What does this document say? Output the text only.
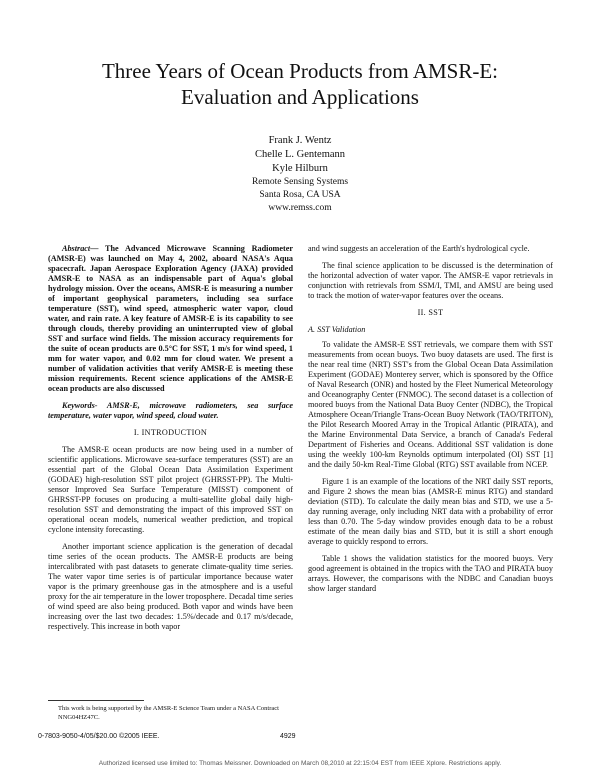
Three Years of Ocean Products from AMSR-E:
Evaluation and Applications
Frank J. Wentz
Chelle L. Gentemann
Kyle Hilburn
Remote Sensing Systems
Santa Rosa, CA USA
www.remss.com

Abstract— The Advanced Microwave Scanning Radiometer (AMSR-E) was launched on May 4, 2002, aboard NASA's Aqua spacecraft. Japan Aerospace Exploration Agency (JAXA) provided AMSR-E to NASA as an indispensable part of Aqua's global hydrology mission. Over the oceans, AMSR-E is measuring a number of important geophysical parameters, including sea surface temperature (SST), wind speed, atmospheric water vapor, cloud water, and rain rate. A key feature of AMSR-E is its capability to see through clouds, thereby providing an uninterrupted view of global SST and surface wind fields. The mission accuracy requirements for the suite of ocean products are 0.5°C for SST, 1 m/s for wind speed, 1 mm for water vapor, and 0.02 mm for cloud water. We present a number of validation activities that verify AMSR-E is meeting these mission requirements. Recent science applications of the AMSR-E ocean products are also discussed

Keywords- AMSR-E, microwave radiometers, sea surface temperature, water vapor, wind speed, cloud water.

I. INTRODUCTION

The AMSR-E ocean products are now being used in a number of scientific applications. Microwave sea-surface temperatures (SST) are an essential part of the Global Ocean Data Assimilation Experiment (GODAE) high-resolution SST pilot project (GHRSST-PP). The Multi-sensor Improved Sea Surface Temperature (MISST) component of GHRSST-PP focuses on producing a multi-satellite global daily high-resolution SST and demonstrating the impact of this improved SST on operational ocean models, numerical weather prediction, and tropical cyclone intensity forecasting.

Another important science application is the generation of decadal time series of the ocean products. The AMSR-E products are being intercalibrated with past datasets to generate climate-quality time series. The water vapor time series is of particular importance because water vapor is the primary greenhouse gas in the atmosphere and is a useful proxy for the air temperature in the lower troposphere. Decadal time series of wind speed are also being produced. Both vapor and winds have been increasing over the last two decades: 1.5%/decade and 0.17 m/s/decade, respectively. This increase in both vapor

and wind suggests an acceleration of the Earth's hydrological cycle.

The final science application to be discussed is the determination of the horizontal advection of water vapor. The AMSR-E vapor retrievals in conjunction with retrievals from SSM/I, TMI, and AMSU are being used to track the motion of water-vapor features over the oceans.

II. SST
A. SST Validation

To validate the AMSR-E SST retrievals, we compare them with SST measurements from ocean buoys. Two buoy datasets are used. The first is the near real time (NRT) SST's from the Global Ocean Data Assimilation Experiment (GODAE) Monterey server, which is sponsored by the Office of Naval Research (ONR) and hosted by the Fleet Numerical Meteorology and Oceanography Center (FNMOC). The second dataset is a collection of moored buoys from the National Data Buoy Center (NDBC), the Tropical Atmosphere Ocean/Triangle Trans-Ocean Buoy Network (TAO/TRITON), the Pilot Research Moored Array in the Tropical Atlantic (PIRATA), and the Marine Environmental Data Service, a branch of Canada's Federal Department of Fisheries and Oceans. Additional SST validation is done using the weekly 100-km Reynolds optimum interpolated (OI) SST [1] and the daily 50-km Real-Time Global (RTG) SST available from NCEP.

Figure 1 is an example of the locations of the NRT daily SST reports, and Figure 2 shows the mean bias (AMSR-E minus RTG) and standard deviation (STD). To calculate the daily mean bias and STD, we use a 5-day running average, only including NRT data with a probability of error less than 0.70. The 5-day window provides enough data to be a robust estimate of the mean daily bias and STD, but it is still a short enough average to quickly respond to errors.

Table 1 shows the validation statistics for the moored buoys. Very good agreement is obtained in the tropics with the TAO and PIRATA buoy arrays. However, the comparisons with the NDBC and Canadian buoys show larger standard

This work is being supported by the AMSR-E Science Team under a NASA Contract NNG04HZ47C.
0-7803-9050-4/05/$20.00 ©2005 IEEE.	4929
Authorized licensed use limited to: Thomas Meissner. Downloaded on March 08,2010 at 22:15:04 EST from IEEE Xplore. Restrictions apply.
